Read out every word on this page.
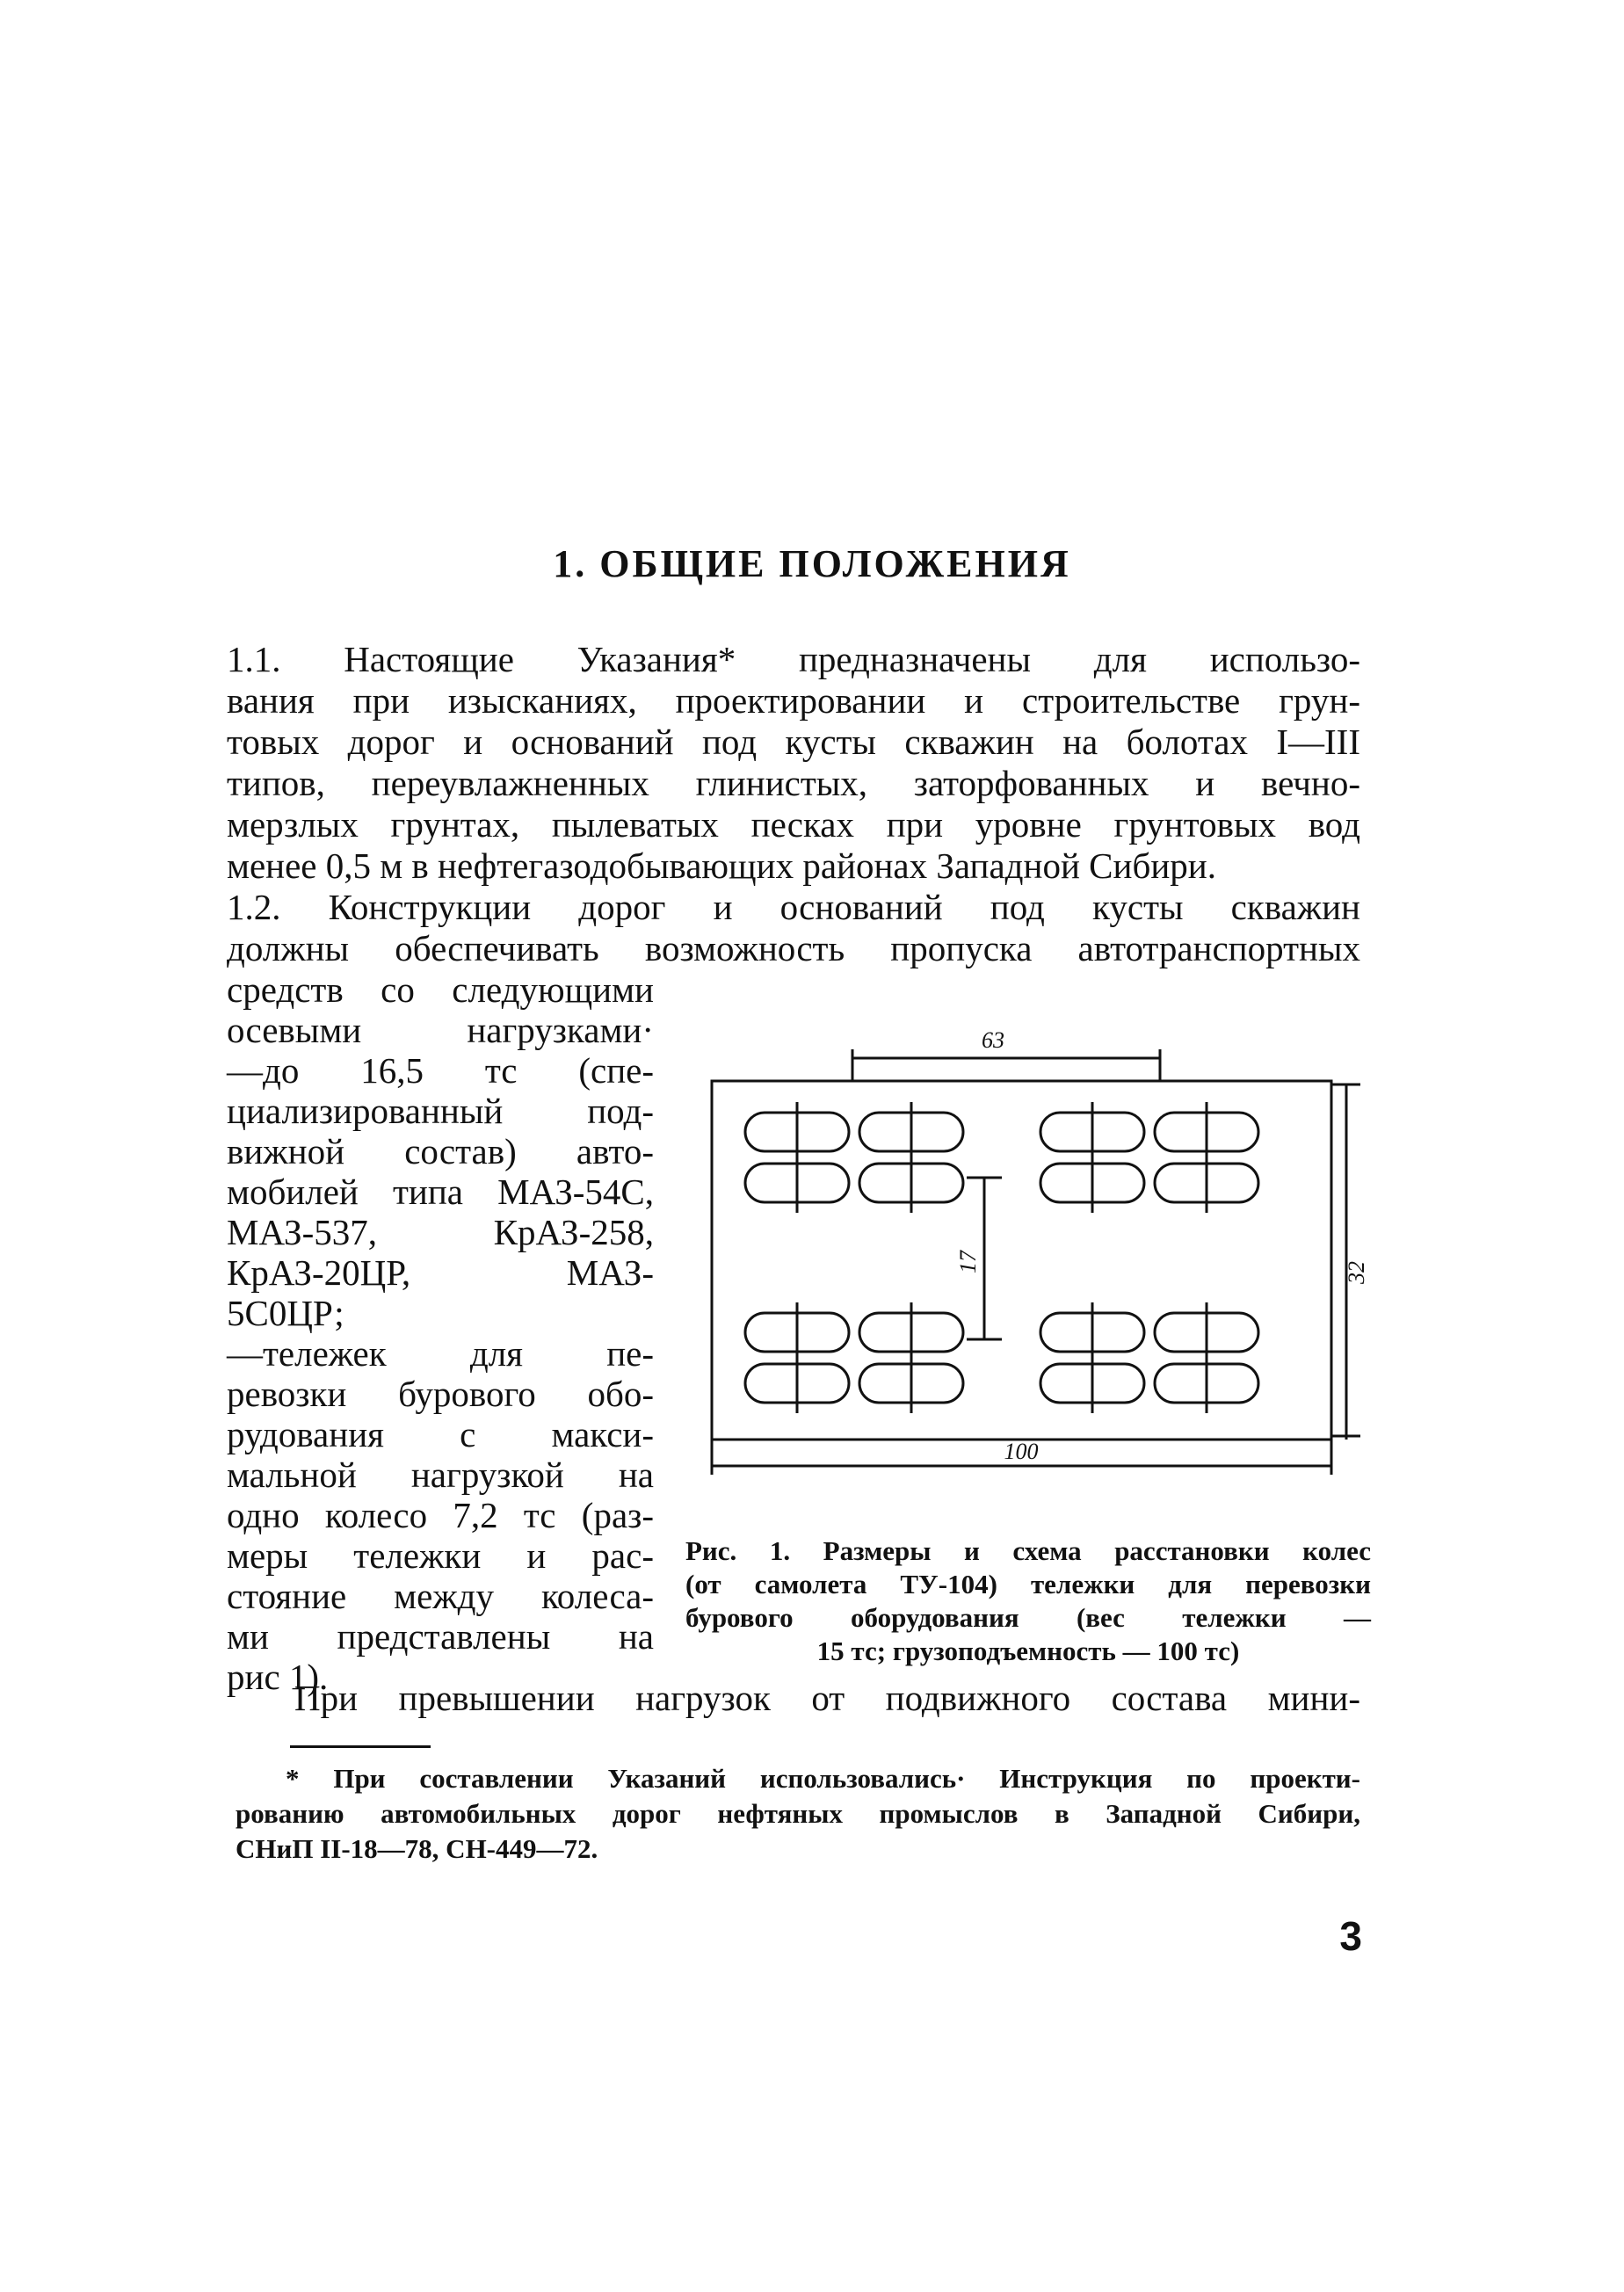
1. ОБЩИЕ ПОЛОЖЕНИЯ
1.1. Настоящие Указания* предназначены для использо-
вания при изысканиях, проектировании и строительстве грун-
товых дорог и оснований под кусты скважин на болотах I—III
типов, переувлажненных глинистых, заторфованных и вечно-
мерзлых грунтах, пылеватых песках при уровне грунтовых вод
менее 0,5 м в нефтегазодобывающих районах Западной Сибири.
1.2. Конструкции дорог и оснований под кусты скважин
должны обеспечивать возможность пропуска автотранспортных
средств со следующими
осевыми нагрузками·
—до 16,5 тс (спе-
циализированный под-
вижной состав) авто-
мобилей типа МАЗ-54С,
МАЗ-537, КрАЗ-258,
КрАЗ-20ЦР, МАЗ-
5С0ЦР;
—тележек для пе-
ревозки бурового обо-
рудования с макси-
мальной нагрузкой на
одно колесо 7,2 тс (раз-
меры тележки и рас-
стояние между колеса-
ми представлены на
рис 1).
63
100
32
17
Рис. 1. Размеры и схема расстановки колес
(от самолета ТУ-104) тележки для перевозки
бурового оборудования (вес тележки —
15 тс; грузоподъемность — 100 тс)
При превышении нагрузок от подвижного состава мини-
* При составлении Указаний использовались· Инструкция по проекти-
рованию автомобильных дорог нефтяных промыслов в Западной Сибири,
СНиП II-18—78, СН-449—72.
3
